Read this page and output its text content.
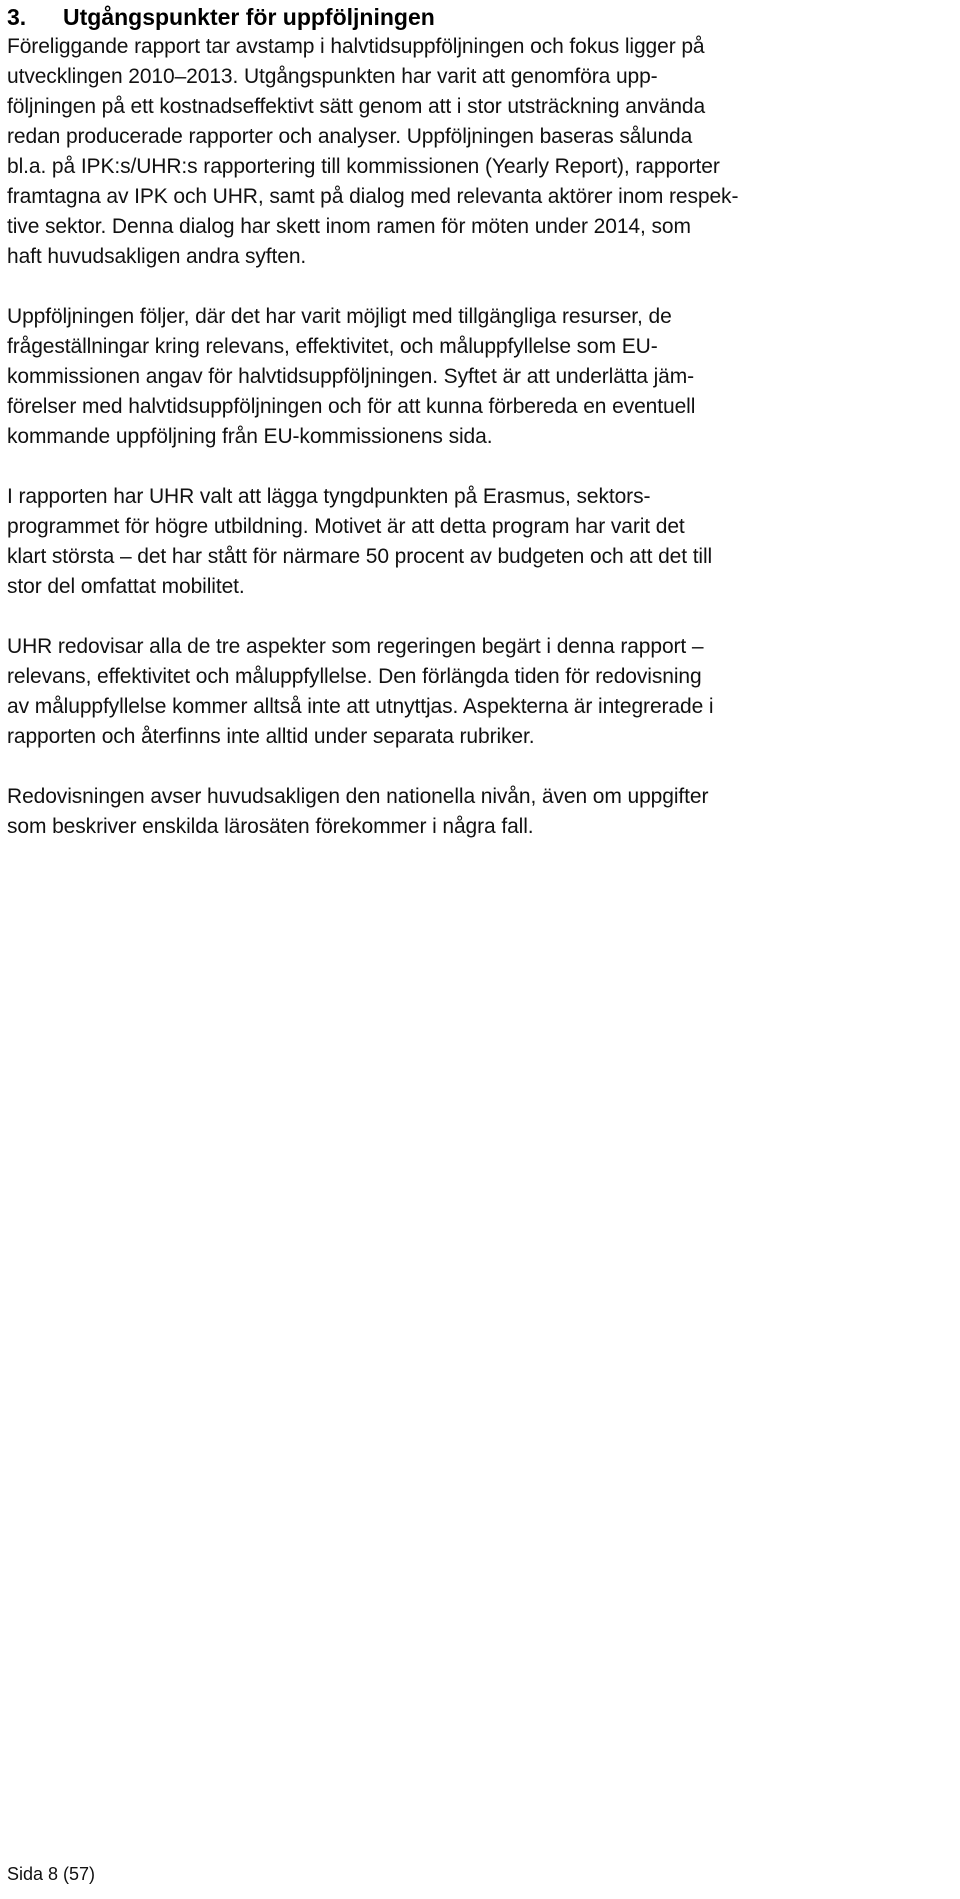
3.	Utgångspunkter för uppföljningen

Föreliggande rapport tar avstamp i halvtidsuppföljningen och fokus ligger på
utvecklingen 2010–2013. Utgångspunkten har varit att genomföra upp-
följningen på ett kostnadseffektivt sätt genom att i stor utsträckning använda
redan producerade rapporter och analyser. Uppföljningen baseras sålunda
bl.a. på IPK:s/UHR:s rapportering till kommissionen (Yearly Report), rapporter
framtagna av IPK och UHR, samt på dialog med relevanta aktörer inom respek-
tive sektor. Denna dialog har skett inom ramen för möten under 2014, som
haft huvudsakligen andra syften.

Uppföljningen följer, där det har varit möjligt med tillgängliga resurser, de
frågeställningar kring relevans, effektivitet, och måluppfyllelse som EU-
kommissionen angav för halvtidsuppföljningen. Syftet är att underlätta jäm-
förelser med halvtidsuppföljningen och för att kunna förbereda en eventuell
kommande uppföljning från EU-kommissionens sida.

I rapporten har UHR valt att lägga tyngdpunkten på Erasmus, sektors-
programmet för högre utbildning. Motivet är att detta program har varit det
klart största – det har stått för närmare 50 procent av budgeten och att det till
stor del omfattat mobilitet.

UHR redovisar alla de tre aspekter som regeringen begärt i denna rapport –
relevans, effektivitet och måluppfyllelse. Den förlängda tiden för redovisning
av måluppfyllelse kommer alltså inte att utnyttjas. Aspekterna är integrerade i
rapporten och återfinns inte alltid under separata rubriker.

Redovisningen avser huvudsakligen den nationella nivån, även om uppgifter
som beskriver enskilda lärosäten förekommer i några fall.

Sida 8 (57)
